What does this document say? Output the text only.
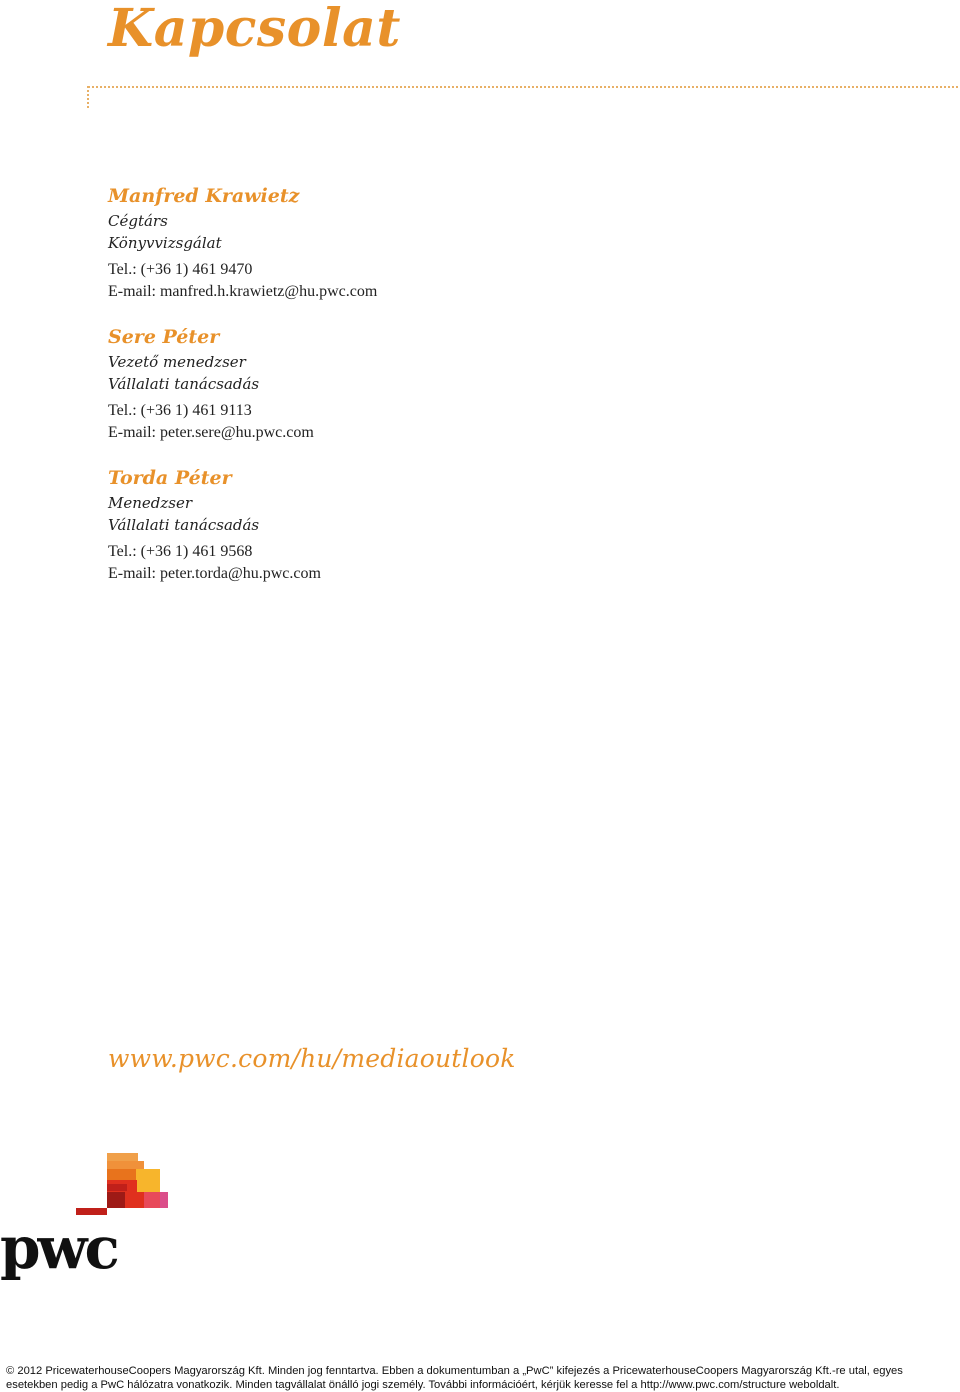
Kapcsolat
Manfred Krawietz
Cégtárs
Könyvvizsgálat
Tel.: (+36 1) 461 9470
E-mail: manfred.h.krawietz@hu.pwc.com
Sere Péter
Vezető menedzser
Vállalati tanácsadás
Tel.: (+36 1) 461 9113
E-mail: peter.sere@hu.pwc.com
Torda Péter
Menedzser
Vállalati tanácsadás
Tel.: (+36 1) 461 9568
E-mail: peter.torda@hu.pwc.com
www.pwc.com/hu/mediaoutlook
pwc
© 2012 PricewaterhouseCoopers Magyarország Kft. Minden jog fenntartva. Ebben a dokumentumban a „PwC” kifejezés a PricewaterhouseCoopers Magyarország Kft.-re utal, egyes
esetekben pedig a PwC hálózatra vonatkozik. Minden tagvállalat önálló jogi személy. További információért, kérjük keresse fel a http://www.pwc.com/structure weboldalt.
